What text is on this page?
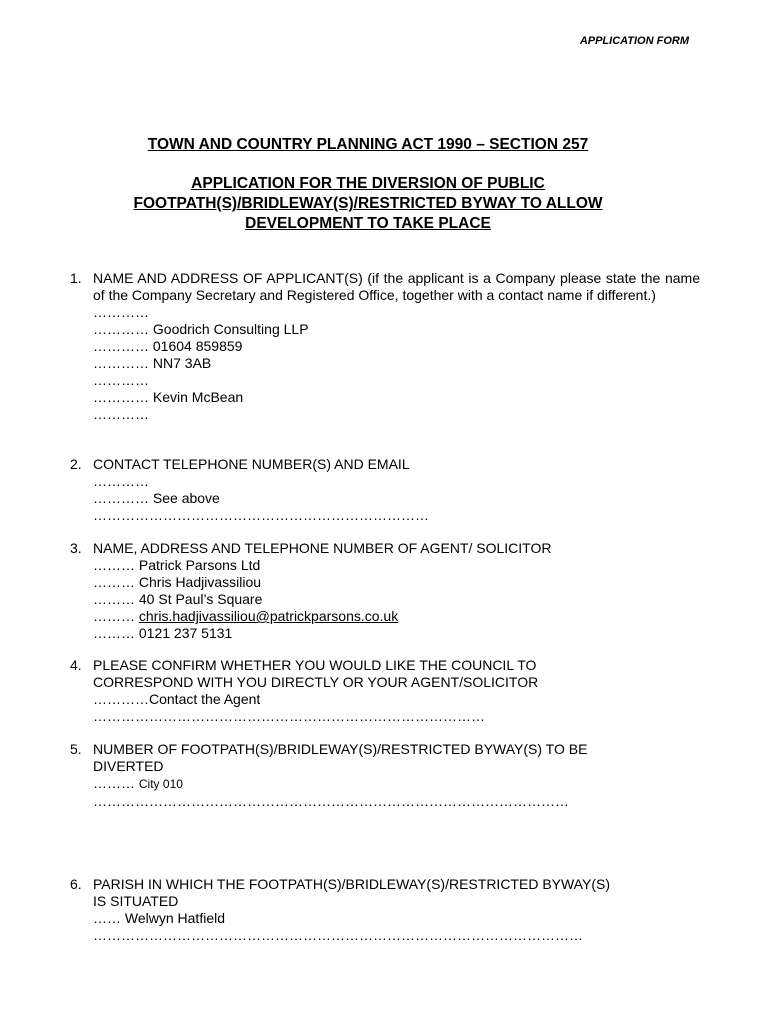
APPLICATION FORM
TOWN AND COUNTRY PLANNING ACT 1990 – SECTION 257
APPLICATION FOR THE DIVERSION OF PUBLIC
FOOTPATH(S)/BRIDLEWAY(S)/RESTRICTED BYWAY TO ALLOW
DEVELOPMENT TO TAKE PLACE
1. NAME AND ADDRESS OF APPLICANT(S) (if the applicant is a Company please state the name of the Company Secretary and Registered Office, together with a contact name if different.)
…………
………… Goodrich Consulting LLP
………… 01604 859859
………… NN7 3AB
…………
………… Kevin McBean
…………
2. CONTACT TELEPHONE NUMBER(S) AND EMAIL
…………
………… See above
………………………………………………………………
3. NAME, ADDRESS AND TELEPHONE NUMBER OF AGENT/ SOLICITOR
……… Patrick Parsons Ltd
……… Chris Hadjivassiliou
……… 40 St Paul’s Square
……… chris.hadjivassiliou@patrickparsons.co.uk
……… 0121 237 5131
4. PLEASE CONFIRM WHETHER YOU WOULD LIKE THE COUNCIL TO
CORRESPOND WITH YOU DIRECTLY OR YOUR AGENT/SOLICITOR
…………Contact the Agent
…………………………………………………………………………
5. NUMBER OF FOOTPATH(S)/BRIDLEWAY(S)/RESTRICTED BYWAY(S) TO BE
DIVERTED
……… City 010
…………………………………………………………………………………………
6. PARISH IN WHICH THE FOOTPATH(S)/BRIDLEWAY(S)/RESTRICTED BYWAY(S)
IS SITUATED
…… Welwyn Hatfield
……………………………………………………………………………………………
